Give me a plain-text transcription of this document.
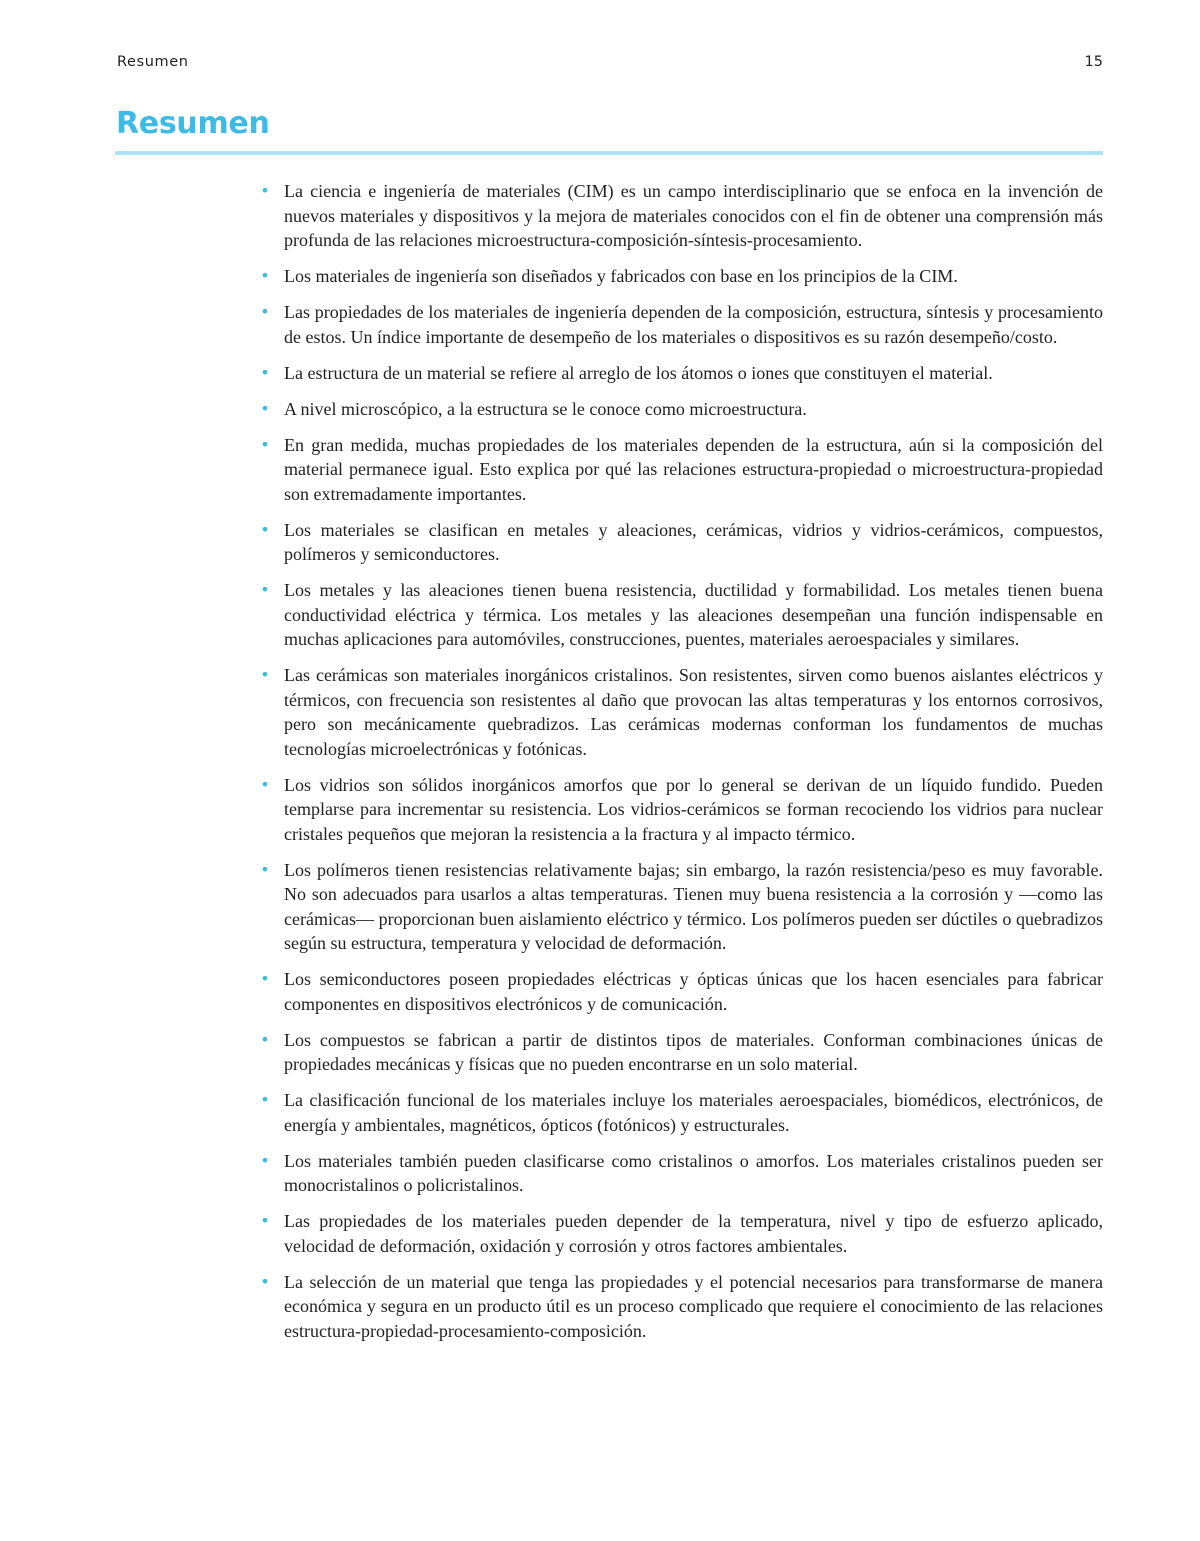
Resumen	15
Resumen
• La ciencia e ingeniería de materiales (CIM) es un campo interdisciplinario que se enfoca en la invención de nuevos materiales y dispositivos y la mejora de materiales conocidos con el fin de obtener una comprensión más profunda de las relaciones microestructura-composición-síntesis-procesamiento.
• Los materiales de ingeniería son diseñados y fabricados con base en los principios de la CIM.
• Las propiedades de los materiales de ingeniería dependen de la composición, estructura, síntesis y procesamiento de estos. Un índice importante de desempeño de los materiales o dispositivos es su razón desempeño/costo.
• La estructura de un material se refiere al arreglo de los átomos o iones que constituyen el material.
• A nivel microscópico, a la estructura se le conoce como microestructura.
• En gran medida, muchas propiedades de los materiales dependen de la estructura, aún si la composición del material permanece igual. Esto explica por qué las relaciones estructura-propiedad o microestructura-propiedad son extremadamente importantes.
• Los materiales se clasifican en metales y aleaciones, cerámicas, vidrios y vidrios-cerámicos, compuestos, polímeros y semiconductores.
• Los metales y las aleaciones tienen buena resistencia, ductilidad y formabilidad. Los metales tienen buena conductividad eléctrica y térmica. Los metales y las aleaciones desempeñan una función indispensable en muchas aplicaciones para automóviles, construcciones, puentes, materiales aeroespaciales y similares.
• Las cerámicas son materiales inorgánicos cristalinos. Son resistentes, sirven como buenos aislantes eléctricos y térmicos, con frecuencia son resistentes al daño que provocan las altas temperaturas y los entornos corrosivos, pero son mecánicamente quebradizos. Las cerámicas modernas conforman los fundamentos de muchas tecnologías microelectrónicas y fotónicas.
• Los vidrios son sólidos inorgánicos amorfos que por lo general se derivan de un líquido fundido. Pueden templarse para incrementar su resistencia. Los vidrios-cerámicos se forman recociendo los vidrios para nuclear cristales pequeños que mejoran la resistencia a la fractura y al impacto térmico.
• Los polímeros tienen resistencias relativamente bajas; sin embargo, la razón resistencia/peso es muy favorable. No son adecuados para usarlos a altas temperaturas. Tienen muy buena resistencia a la corrosión y —como las cerámicas— proporcionan buen aislamiento eléctrico y térmico. Los polímeros pueden ser dúctiles o quebradizos según su estructura, temperatura y velocidad de deformación.
• Los semiconductores poseen propiedades eléctricas y ópticas únicas que los hacen esenciales para fabricar componentes en dispositivos electrónicos y de comunicación.
• Los compuestos se fabrican a partir de distintos tipos de materiales. Conforman combinaciones únicas de propiedades mecánicas y físicas que no pueden encontrarse en un solo material.
• La clasificación funcional de los materiales incluye los materiales aeroespaciales, biomédicos, electrónicos, de energía y ambientales, magnéticos, ópticos (fotónicos) y estructurales.
• Los materiales también pueden clasificarse como cristalinos o amorfos. Los materiales cristalinos pueden ser monocristalinos o policristalinos.
• Las propiedades de los materiales pueden depender de la temperatura, nivel y tipo de esfuerzo aplicado, velocidad de deformación, oxidación y corrosión y otros factores ambientales.
• La selección de un material que tenga las propiedades y el potencial necesarios para transformarse de manera económica y segura en un producto útil es un proceso complicado que requiere el conocimiento de las relaciones estructura-propiedad-procesamiento-composición.
